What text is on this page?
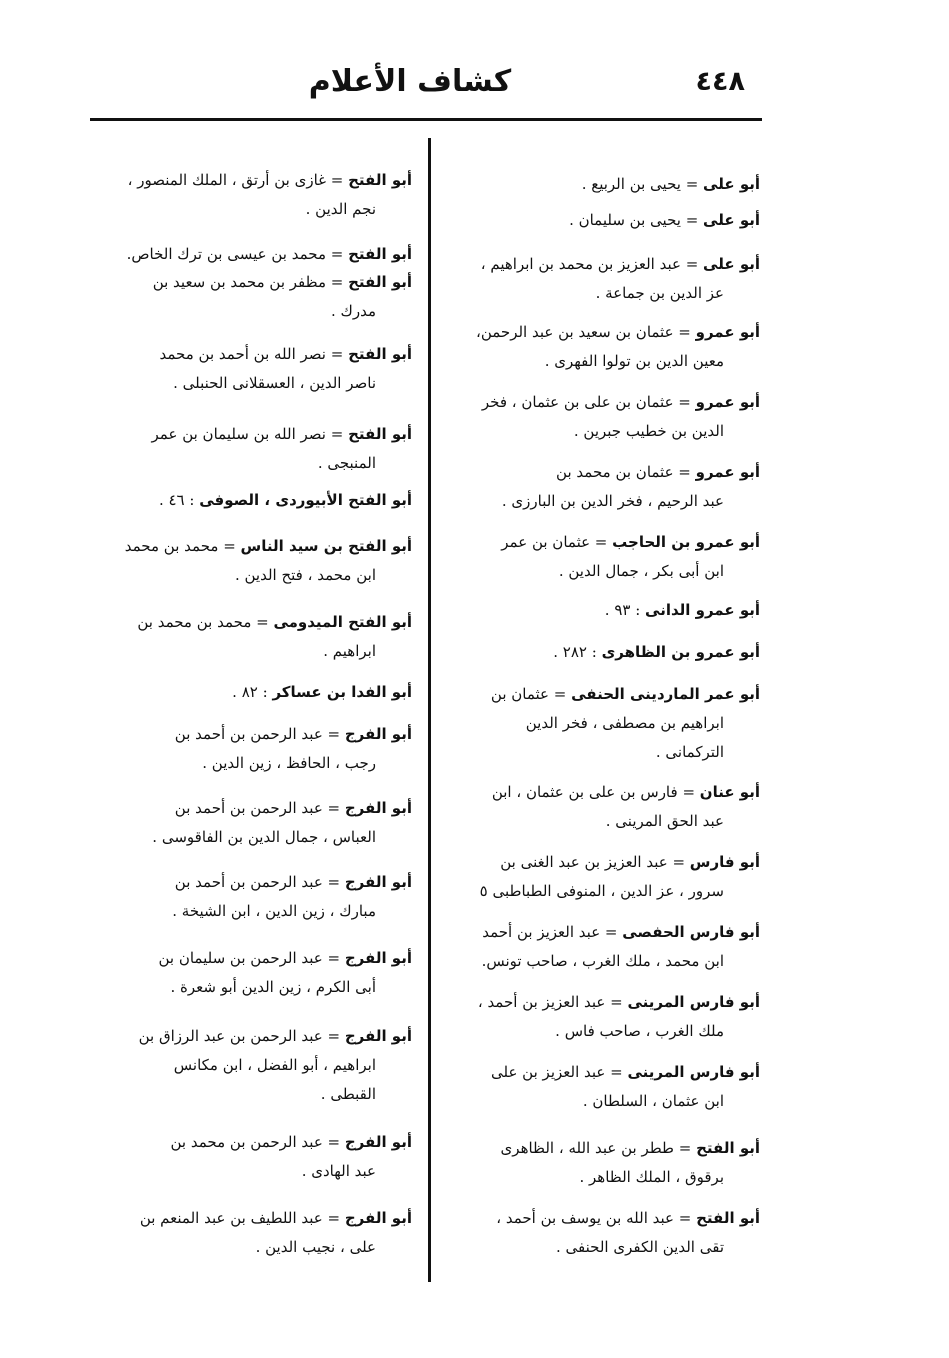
كشاف الأعلام	٤٤٨
أبو على = يحيى بن الربيع .
أبو على = يحيى بن سليمان .
أبو على = عبد العزيز بن محمد بن ابراهيم ،
عز الدين بن جماعة .
أبو عمرو = عثمان بن سعيد بن عبد الرحمن،
معين الدين بن تولوا الفهرى .
أبو عمرو = عثمان بن على بن عثمان ، فخر
الدين بن خطيب جبرين .
أبو عمرو = عثمان بن محمد بن
عبد الرحيم ، فخر الدين بن البارزى .
أبو عمرو بن الحاجب = عثمان بن عمر
ابن أبى بكر ، جمال الدين .
أبو عمرو الدانى : ٩٣ .
أبو عمرو بن الظاهرى : ٢٨٢ .
أبو عمر الماردينى الحنفى = عثمان بن
ابراهيم بن مصطفى ، فخر الدين
التركمانى .
أبو عنان = فارس بن على بن عثمان ، ابن
عبد الحق المرينى .
أبو فارس = عبد العزيز بن عبد الغنى بن
سرور ، عز الدين ، المنوفى الطباطبى ٥
أبو فارس الحفصى = عبد العزيز بن أحمد
ابن محمد ، ملك الغرب ، صاحب تونس.
أبو فارس المرينى = عبد العزيز بن أحمد ،
ملك الغرب ، صاحب فاس .
أبو فارس المرينى = عبد العزيز بن على
ابن عثمان ، السلطان .
أبو الفتح = ططر بن عبد الله ، الظاهرى
برقوق ، الملك الظاهر .
أبو الفتح = عبد الله بن يوسف بن أحمد ،
تقى الدين الكفرى الحنفى .
أبو الفتح = غازى بن أرتق ، الملك المنصور ،
نجم الدين .
أبو الفتح = محمد بن عيسى بن ترك الخاص.
أبو الفتح = مظفر بن محمد بن سعيد بن
مدرك .
أبو الفتح = نصر الله بن أحمد بن محمد
ناصر الدين ، العسقلانى الحنبلى .
أبو الفتح = نصر الله بن سليمان بن عمر
المنبجى .
أبو الفتح الأبيوردى ، الصوفى : ٤٦ .
أبو الفتح بن سيد الناس = محمد بن محمد
ابن محمد ، فتح الدين .
أبو الفتح الميدومى = محمد بن محمد بن
ابراهيم .
أبو الفدا بن عساكر : ٨٢ .
أبو الفرج = عبد الرحمن بن أحمد بن
رجب ، الحافظ ، زين الدين .
أبو الفرج = عبد الرحمن بن أحمد بن
العباس ، جمال الدين بن الفاقوسى .
أبو الفرج = عبد الرحمن بن أحمد بن
مبارك ، زين الدين ، ابن الشيخة .
أبو الفرج = عبد الرحمن بن سليمان بن
أبى الكرم ، زين الدين أبو شعرة .
أبو الفرج = عبد الرحمن بن عبد الرزاق بن
ابراهيم ، أبو الفضل ، ابن مكانس
القبطى .
أبو الفرج = عبد الرحمن بن محمد بن
عبد الهادى .
أبو الفرج = عبد اللطيف بن عبد المنعم بن
على ، نجيب الدين .
